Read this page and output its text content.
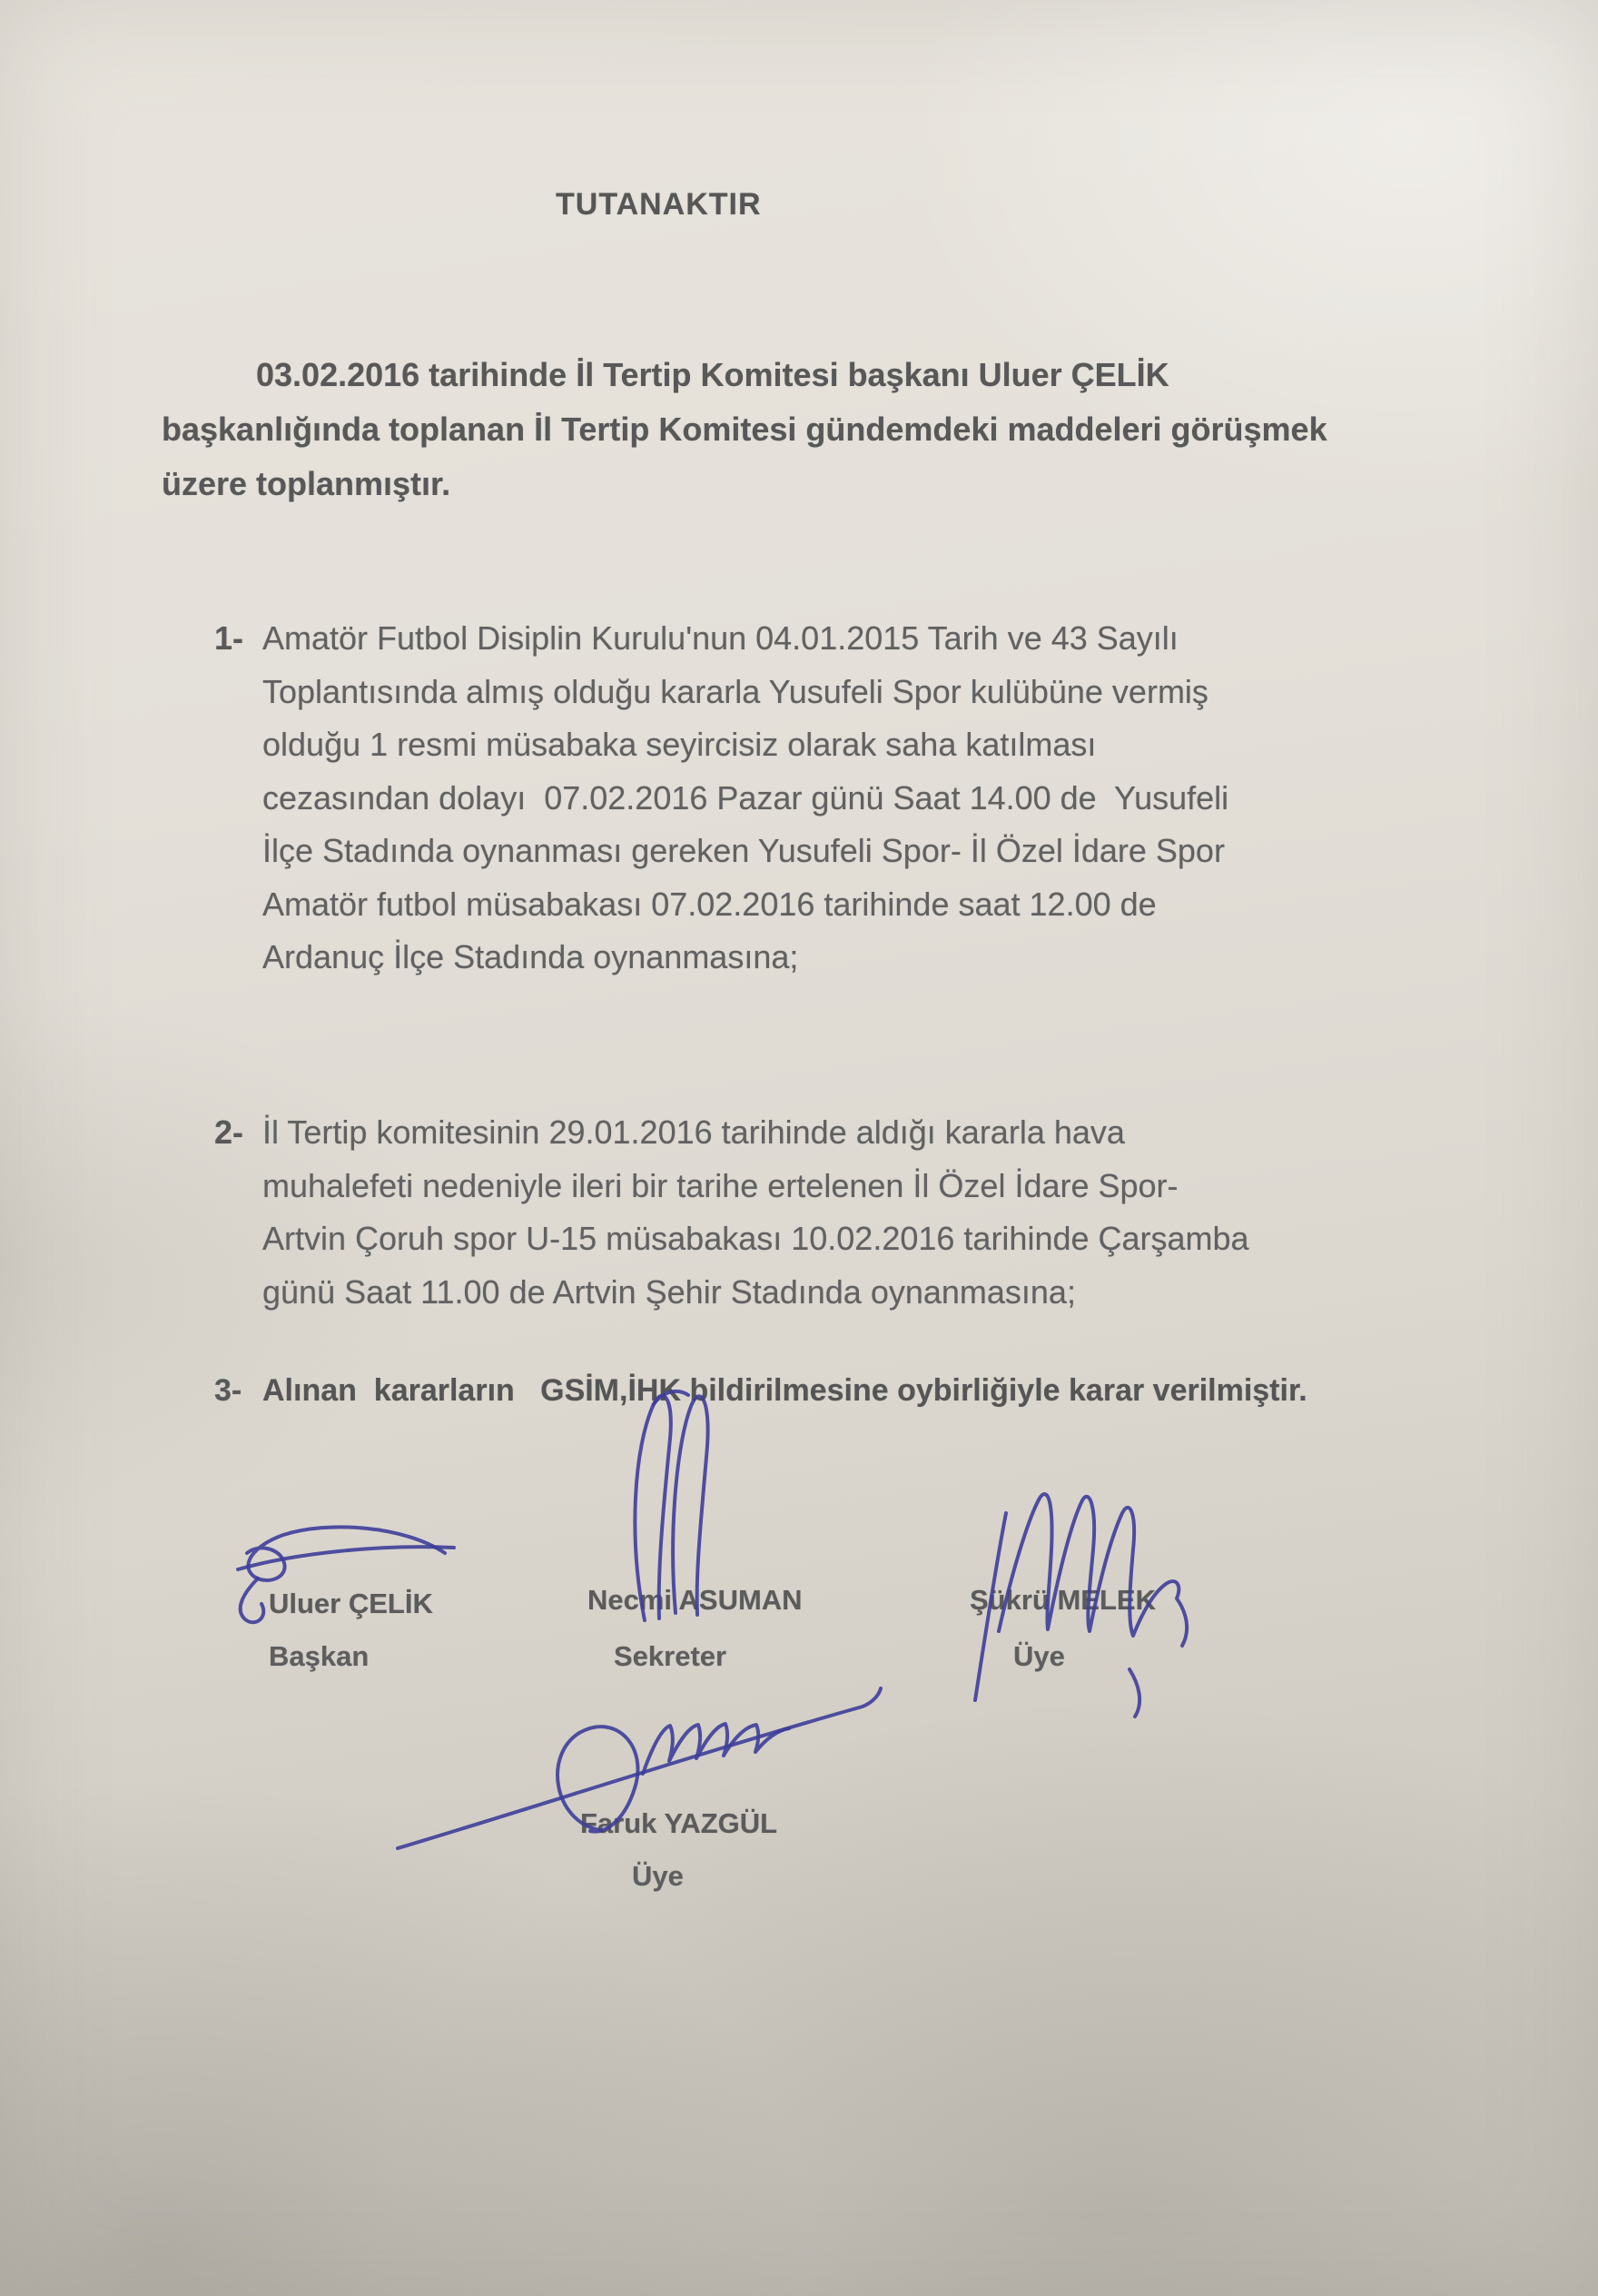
TUTANAKTIR
03.02.2016 tarihinde İl Tertip Komitesi başkanı Uluer ÇELİK
başkanlığında toplanan İl Tertip Komitesi gündemdeki maddeleri görüşmek
üzere toplanmıştır.
1- Amatör Futbol Disiplin Kurulu'nun 04.01.2015 Tarih ve 43 Sayılı
Toplantısında almış olduğu kararla Yusufeli Spor kulübüne vermiş
olduğu 1 resmi müsabaka seyircisiz olarak saha katılması
cezasından dolayı  07.02.2016 Pazar günü Saat 14.00 de  Yusufeli
İlçe Stadında oynanması gereken Yusufeli Spor- İl Özel İdare Spor
Amatör futbol müsabakası 07.02.2016 tarihinde saat 12.00 de
Ardanuç İlçe Stadında oynanmasına;
2- İl Tertip komitesinin 29.01.2016 tarihinde aldığı kararla hava
muhalefeti nedeniyle ileri bir tarihe ertelenen İl Özel İdare Spor-
Artvin Çoruh spor U-15 müsabakası 10.02.2016 tarihinde Çarşamba
günü Saat 11.00 de Artvin Şehir Stadında oynanmasına;
3- Alınan  kararların   GSİM,İHK bildirilmesine oybirliğiyle karar verilmiştir.
Uluer ÇELİK
Başkan
Necmi ASUMAN
Sekreter
Şükrü MELEK
Üye
Faruk YAZGÜL
Üye
